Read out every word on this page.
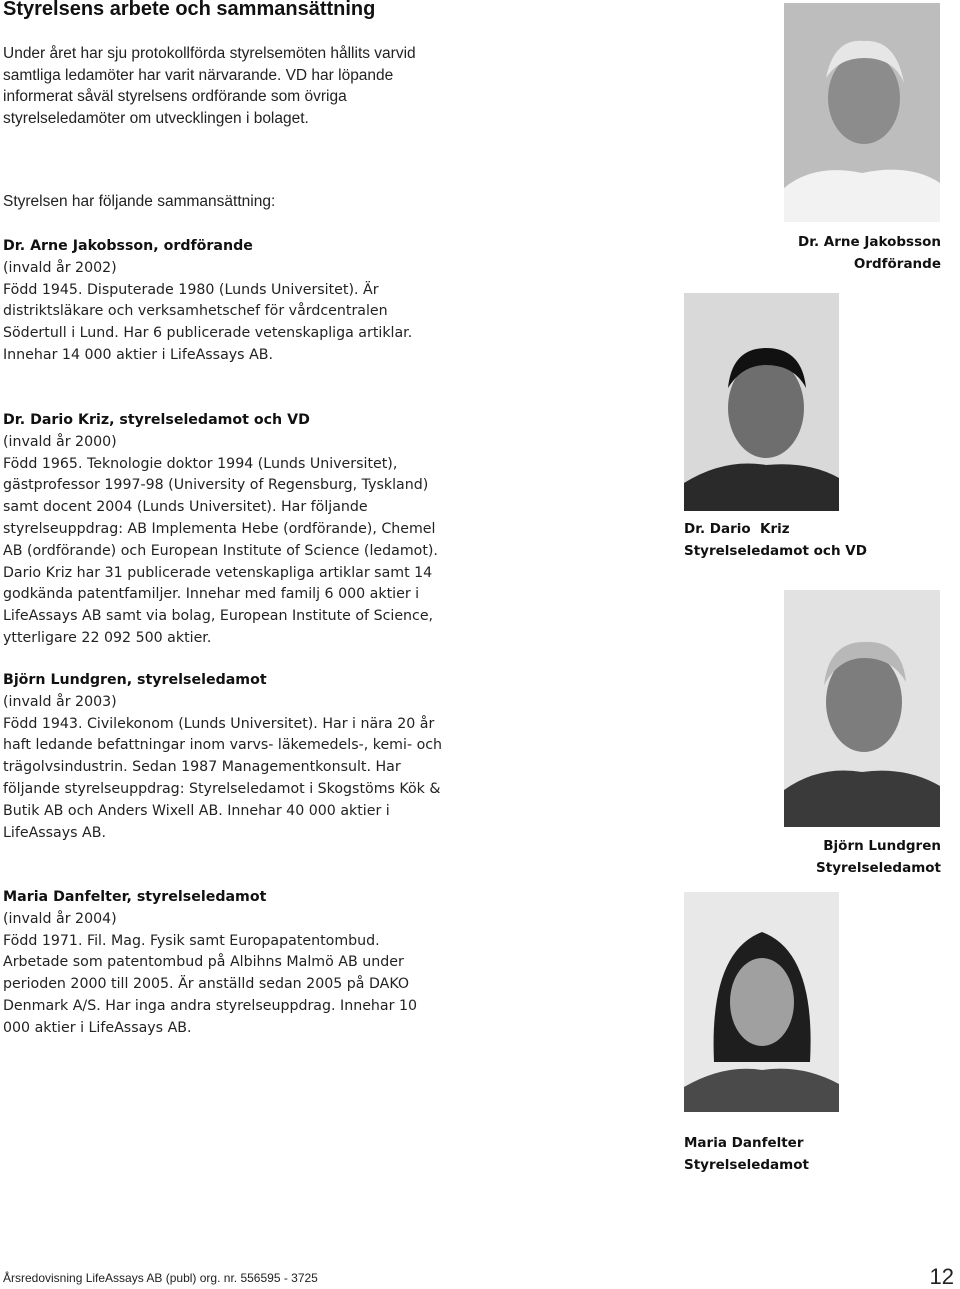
Styrelsens arbete och sammansättning
Under året har sju protokollförda styrelsemöten hållits varvid samtliga ledamöter har varit närvarande. VD har löpande informerat såväl styrelsens ordförande som övriga styrelseledamöter om utvecklingen i bolaget.
Styrelsen har följande sammansättning:
Dr. Arne Jakobsson, ordförande
(invald år 2002)
Född 1945. Disputerade 1980 (Lunds Universitet). Är distriktsläkare och verksamhetschef för vårdcentralen Södertull i Lund. Har 6 publicerade vetenskapliga artiklar. Innehar 14 000 aktier i LifeAssays AB.
Dr. Dario Kriz, styrelseledamot och VD
(invald år 2000)
Född 1965. Teknologie doktor 1994 (Lunds Universitet), gästprofessor 1997-98 (University of Regensburg, Tyskland) samt docent 2004 (Lunds Universitet). Har följande styrelseuppdrag: AB Implementa Hebe (ordförande), Chemel AB (ordförande) och European Institute of Science (ledamot). Dario Kriz har 31 publicerade vetenskapliga artiklar samt 14 godkända patentfamiljer. Innehar med familj 6 000 aktier i LifeAssays AB samt via bolag, European Institute of Science, ytterligare 22 092 500 aktier.
Björn Lundgren, styrelseledamot
(invald år 2003)
Född 1943. Civilekonom (Lunds Universitet). Har i nära 20 år haft ledande befattningar inom varvs- läkemedels-, kemi- och trägolvsindustrin. Sedan 1987 Managementkonsult. Har följande styrelseuppdrag: Styrelseledamot i Skogstöms Kök & Butik AB och Anders Wixell AB. Innehar 40 000 aktier i LifeAssays AB.
Maria Danfelter, styrelseledamot
(invald år 2004)
Född 1971. Fil. Mag. Fysik samt Europapatentombud. Arbetade som patentombud på Albihns Malmö AB under perioden 2000 till 2005. Är anställd sedan 2005 på DAKO Denmark A/S. Har inga andra styrelseuppdrag. Innehar 10 000 aktier i LifeAssays AB.
Dr. Arne Jakobsson
Ordförande
Dr. Dario  Kriz
Styrelseledamot och VD
Björn Lundgren
Styrelseledamot
Maria Danfelter
Styrelseledamot
Årsredovisning LifeAssays AB (publ) org. nr. 556595 - 3725	12
